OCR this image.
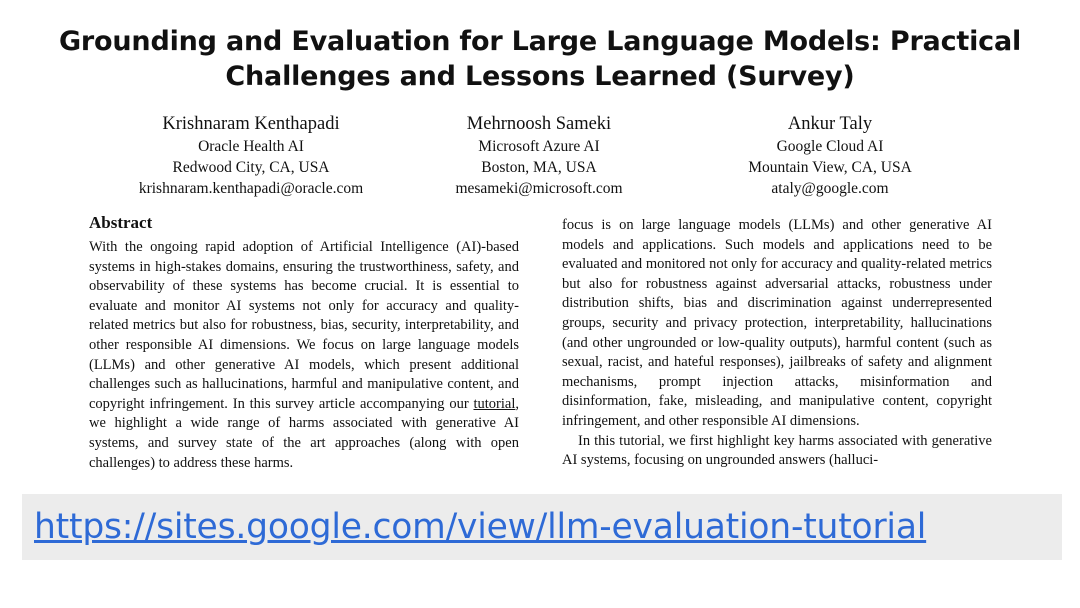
Grounding and Evaluation for Large Language Models: Practical Challenges and Lessons Learned (Survey)
Krishnaram Kenthapadi
Oracle Health AI
Redwood City, CA, USA
krishnaram.kenthapadi@oracle.com
Mehrnoosh Sameki
Microsoft Azure AI
Boston, MA, USA
mesameki@microsoft.com
Ankur Taly
Google Cloud AI
Mountain View, CA, USA
ataly@google.com
Abstract

With the ongoing rapid adoption of Artificial Intelligence (AI)-based systems in high-stakes domains, ensuring the trustworthiness, safety, and observability of these systems has become crucial. It is essential to evaluate and monitor AI systems not only for accuracy and quality-related metrics but also for robustness, bias, security, interpretability, and other responsible AI dimensions. We focus on large language models (LLMs) and other generative AI models, which present additional challenges such as hallucinations, harmful and manipulative content, and copyright infringement. In this survey article accompanying our tutorial, we highlight a wide range of harms associated with generative AI systems, and survey state of the art approaches (along with open challenges) to address these harms.

focus is on large language models (LLMs) and other generative AI models and applications. Such models and applications need to be evaluated and monitored not only for accuracy and quality-related metrics but also for robustness against adversarial attacks, robustness under distribution shifts, bias and discrimination against underrepresented groups, security and privacy protection, interpretability, hallucinations (and other ungrounded or low-quality outputs), harmful content (such as sexual, racist, and hateful responses), jailbreaks of safety and alignment mechanisms, prompt injection attacks, misinformation and disinformation, fake, misleading, and manipulative content, copyright infringement, and other responsible AI dimensions.

In this tutorial, we first highlight key harms associated with generative AI systems, focusing on ungrounded answers (halluci-

https://sites.google.com/view/llm-evaluation-tutorial
